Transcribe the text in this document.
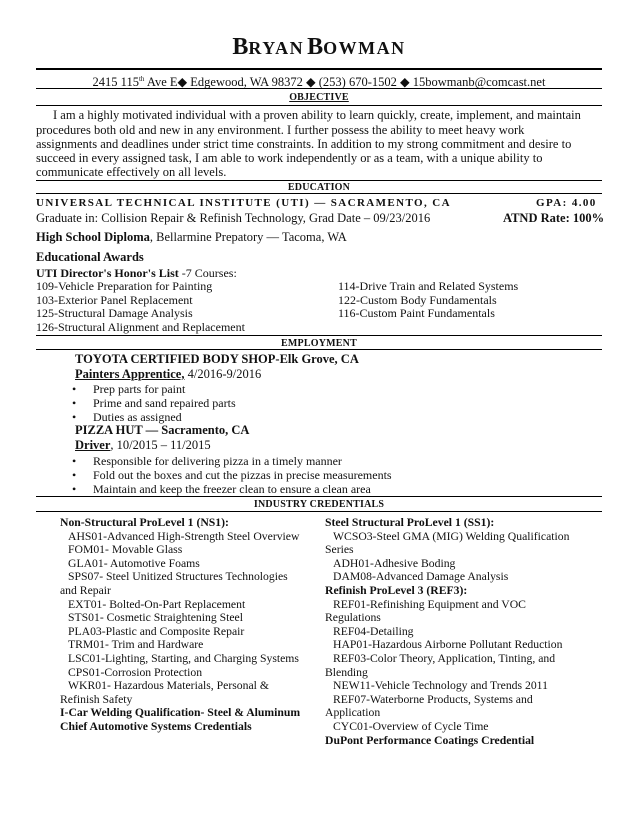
BRYAN BOWMAN
2415 115th Ave E◆ Edgewood, WA 98372 ◆ (253) 670-1502 ◆ 15bowmanb@comcast.net
OBJECTIVE
I am a highly motivated individual with a proven ability to learn quickly, create, implement, and maintain
procedures both old and new in any environment. I further possess the ability to meet heavy work
assignments and deadlines under strict time constraints. In addition to my strong commitment and desire to
succeed in every assigned task, I am able to work independently or as a team, with a unique ability to
communicate effectively on all levels.
EDUCATION
UNIVERSAL TECHNICAL INSTITUTE (UTI) — SACRAMENTO, CA	GPA: 4.00
Graduate in: Collision Repair & Refinish Technology, Grad Date – 09/23/2016	ATND Rate: 100%
High School Diploma, Bellarmine Prepatory — Tacoma, WA
Educational Awards
UTI Director's Honor's List -7 Courses:
109-Vehicle Preparation for Painting
103-Exterior Panel Replacement
125-Structural Damage Analysis
126-Structural Alignment and Replacement
114-Drive Train and Related Systems
122-Custom Body Fundamentals
116-Custom Paint Fundamentals
EMPLOYMENT
TOYOTA CERTIFIED BODY SHOP-Elk Grove, CA
Painters Apprentice, 4/2016-9/2016
• Prep parts for paint
• Prime and sand repaired parts
• Duties as assigned
PIZZA HUT — Sacramento, CA
Driver, 10/2015 – 11/2015
• Responsible for delivering pizza in a timely manner
• Fold out the boxes and cut the pizzas in precise measurements
• Maintain and keep the freezer clean to ensure a clean area
INDUSTRY CREDENTIALS
Non-Structural ProLevel 1 (NS1):
AHS01-Advanced High-Strength Steel Overview
FOM01- Movable Glass
GLA01- Automotive Foams
SPS07- Steel Unitized Structures Technologies
and Repair
EXT01- Bolted-On-Part Replacement
STS01- Cosmetic Straightening Steel
PLA03-Plastic and Composite Repair
TRM01- Trim and Hardware
LSC01-Lighting, Starting, and Charging Systems
CPS01-Corrosion Protection
WKR01- Hazardous Materials, Personal &
Refinish Safety
I-Car Welding Qualification- Steel & Aluminum
Chief Automotive Systems Credentials
Steel Structural ProLevel 1 (SS1):
WCSO3-Steel GMA (MIG) Welding Qualification
Series
ADH01-Adhesive Boding
DAM08-Advanced Damage Analysis
Refinish ProLevel 3 (REF3):
REF01-Refinishing Equipment and VOC
Regulations
REF04-Detailing
HAP01-Hazardous Airborne Pollutant Reduction
REF03-Color Theory, Application, Tinting, and
Blending
NEW11-Vehicle Technology and Trends 2011
REF07-Waterborne Products, Systems and
Application
CYC01-Overview of Cycle Time
DuPont Performance Coatings Credential
